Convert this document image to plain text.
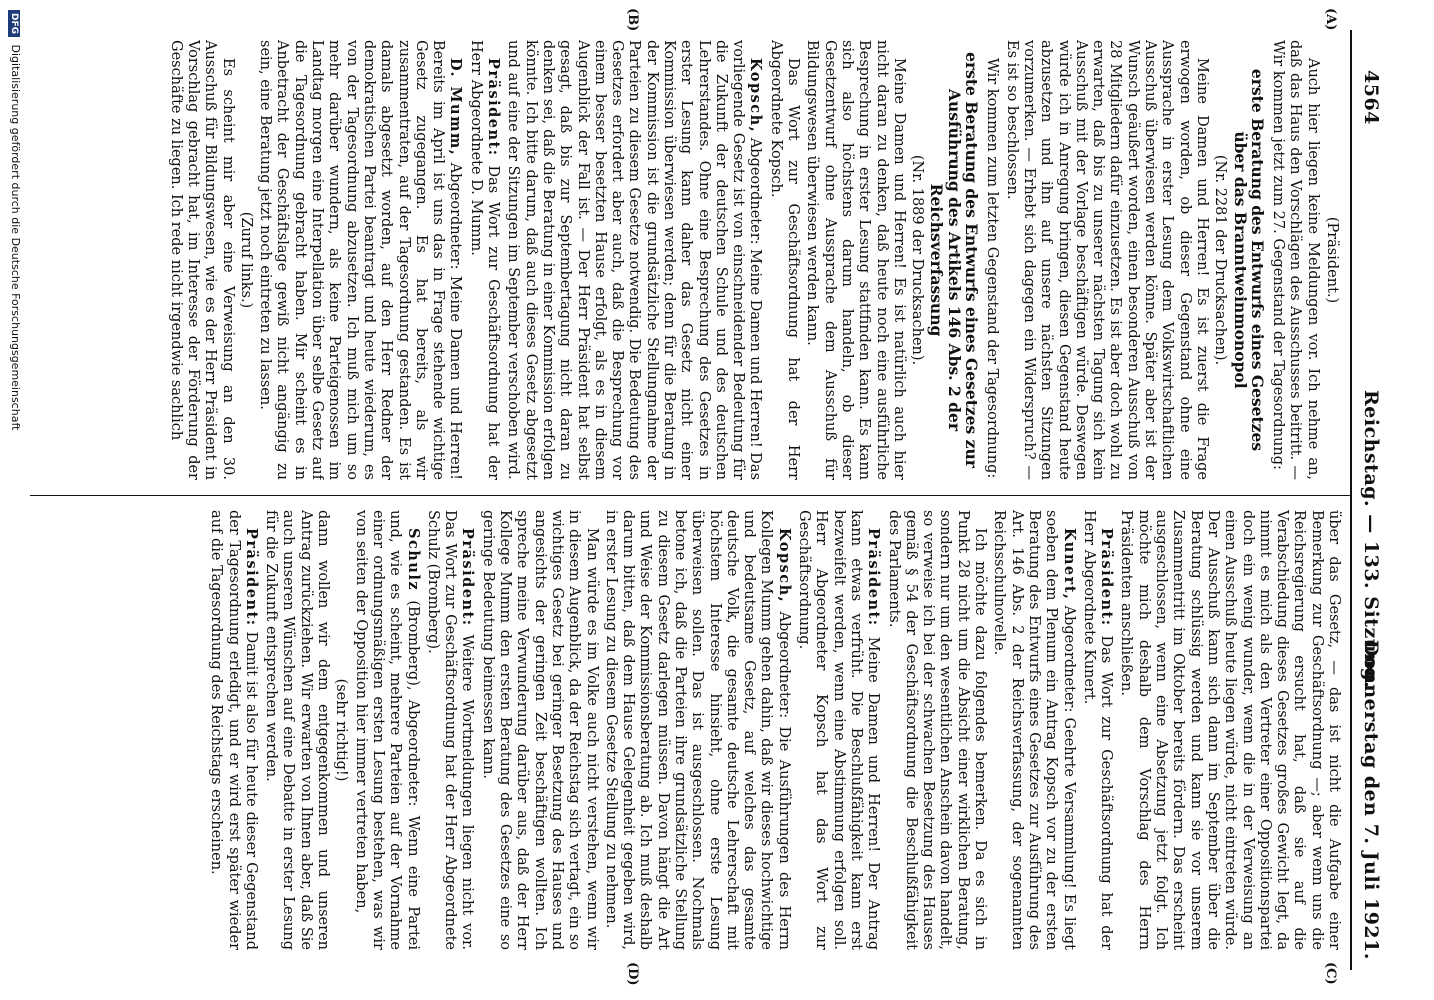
4564
Reichstag. — 133. Sitzung.
Donnerstag den 7. Juli 1921.
(A)
(B)
(C)
(D)

(Präsident.)

Auch hier liegen keine Meldungen vor. Ich nehme an, daß das Haus den Vorschlägen des Ausschusses beitritt. — Wir kommen jetzt zum 27. Gegenstand der Tagesordnung:

erste Beratung des Entwurfs eines Gesetzes über das Branntweinmonopol

(Nr. 2281 der Drucksachen).

Meine Damen und Herren! Es ist zuerst die Frage erwogen worden, ob dieser Gegenstand ohne eine Aussprache in erster Lesung dem Volkswirtschaftlichen Ausschuß überwiesen werden könne. Später aber ist der Wunsch geäußert worden, einen besonderen Ausschuß von 28 Mitgliedern dafür einzusetzen. Es ist aber doch wohl zu erwarten, daß bis zu unserer nächsten Tagung sich kein Ausschuß mit der Vorlage beschäftigen würde. Deswegen würde ich in Anregung bringen, diesen Gegenstand heute abzusetzen und ihn auf unsere nächsten Sitzungen vorzumerken. — Erhebt sich dagegen ein Widerspruch? — Es ist so beschlossen.

Wir kommen zum letzten Gegenstand der Tagesordnung:

erste Beratung des Entwurfs eines Gesetzes zur Ausführung des Artikels 146 Abs. 2 der Reichsverfassung

(Nr. 1889 der Drucksachen).

Meine Damen und Herren! Es ist natürlich auch hier nicht daran zu denken, daß heute noch eine ausführliche Besprechung in erster Lesung stattfinden kann. Es kann sich also höchstens darum handeln, ob dieser Gesetzentwurf ohne Aussprache dem Ausschuß für Bildungswesen überwiesen werden kann.

Das Wort zur Geschäftsordnung hat der Herr Abgeordnete Kopsch.

Kopsch, Abgeordneter: Meine Damen und Herren! Das vorliegende Gesetz ist von einschneidender Bedeutung für die Zukunft der deutschen Schule und des deutschen Lehrerstandes. Ohne eine Besprechung des Gesetzes in erster Lesung kann daher das Gesetz nicht einer Kommission überwiesen werden; denn für die Beratung in der Kommission ist die grundsätzliche Stellungnahme der Parteien zu diesem Gesetze notwendig. Die Bedeutung des Gesetzes erfordert aber auch, daß die Besprechung vor einem besser besetzten Hause erfolgt, als es in diesem Augenblick der Fall ist. — Der Herr Präsident hat selbst gesagt, daß bis zur Septembertagung nicht daran zu denken sei, daß die Beratung in einer Kommission erfolgen könnte. Ich bitte darum, daß auch dieses Gesetz abgesetzt und auf eine der Sitzungen im September verschoben wird.

Präsident: Das Wort zur Geschäftsordnung hat der Herr Abgeordnete D. Mumm.

D. Mumm, Abgeordneter: Meine Damen und Herren! Bereits im April ist uns das in Frage stehende wichtige Gesetz zugegangen. Es hat bereits, als wir zusammentraten, auf der Tagesordnung gestanden. Es ist damals abgesetzt worden, auf den Herr Redner der demokratischen Partei beantragt und heute wiederum, es von der Tagesordnung abzusetzen. Ich muß mich um so mehr darüber wundern, als keine Parteigenossen im Landtag morgen eine Interpellation über selbe Gesetz auf die Tagesordnung gebracht haben. Mir scheint es in Anbetracht der Geschäftslage gewiß nicht angängig zu sein, eine Beratung jetzt noch eintreten zu lassen.

(Zuruf links.)

Es scheint mir aber eine Verweisung an den 30. Ausschuß für Bildungswesen, wie es der Herr Präsident in Vorschlag gebracht hat, im Interesse der Förderung der Geschäfte zu liegen. Ich rede nicht irgendwie sachlich

über das Gesetz, — das ist nicht die Aufgabe einer Bemerkung zur Geschäftsordnung —; aber wenn uns die Reichsregierung ersucht hat, daß sie auf die Verabschiedung dieses Gesetzes großes Gewicht legt, da nimmt es mich als den Vertreter einer Oppositionspartei doch ein wenig wunder, wenn die in der Verweisung an einen Ausschuß heute liegen würde, nicht eintreten würde. Der Ausschuß kann sich dann im September über die Beratung schlüssig werden und kann sie vor unserem Zusammentritt im Oktober bereits fördern. Das erscheint ausgeschlossen, wenn eine Absetzung jetzt folgt. Ich möchte mich deshalb dem Vorschlag des Herrn Präsidenten anschließen.

Präsident: Das Wort zur Geschäftsordnung hat der Herr Abgeordnete Kunert.

Kunert, Abgeordneter: Geehrte Versammlung! Es liegt soeben dem Plenum ein Antrag Kopsch vor zu der ersten Beratung des Entwurfs eines Gesetzes zur Ausführung des Art. 146 Abs. 2 der Reichsverfassung, der sogenannten Reichsschulnovelle.

Ich möchte dazu folgendes bemerken. Da es sich in Punkt 28 nicht um die Absicht einer wirklichen Beratung, sondern nur um den wesentlichen Anschein davon handelt, so verweise ich bei der schwachen Besetzung des Hauses gemäß § 54 der Geschäftsordnung die Beschlußfähigkeit des Parlaments.

Präsident: Meine Damen und Herren! Der Antrag kann etwas verfrüht. Die Beschlußfähigkeit kann erst bezweifelt werden, wenn eine Abstimmung erfolgen soll. Herr Abgeordneter Kopsch hat das Wort zur Geschäftsordnung.

Kopsch, Abgeordneter: Die Ausführungen des Herrn Kollegen Mumm gehen dahin, daß wir dieses hochwichtige und bedeutsame Gesetz, auf welches das gesamte deutsche Volk, die gesamte deutsche Lehrerschaft mit höchstem Interesse hinsieht, ohne erste Lesung überweisen sollen. Das ist ausgeschlossen. Nochmals betone ich, daß die Parteien ihre grundsätzliche Stellung zu diesem Gesetz darlegen müssen. Davon hängt die Art und Weise der Kommissionsberatung ab. Ich muß deshalb darum bitten, daß dem Hause Gelegenheit gegeben wird, in erster Lesung zu diesem Gesetze Stellung zu nehmen.

Man würde es im Volke auch nicht verstehen, wenn wir in diesem Augenblick, da der Reichstag sich vertagt, ein so wichtiges Gesetz bei geringer Besetzung des Hauses und angesichts der geringen Zeit beschäftigen wollten. Ich spreche meine Verwunderung darüber aus, daß der Herr Kollege Mumm den ersten Beratung des Gesetzes eine so geringe Bedeutung beimessen kann.

Präsident: Weitere Wortmeldungen liegen nicht vor. Das Wort zur Geschäftsordnung hat der Herr Abgeordnete Schulz (Bromberg).

Schulz (Bromberg), Abgeordneter: Wenn eine Partei und, wie es scheint, mehrere Parteien auf der Vornahme einer ordnungsmäßigen ersten Lesung bestehen, was wir von seiten der Opposition hier immer vertreten haben,

(sehr richtig!)

dann wollen wir dem entgegenkommen und unseren Antrag zurückziehen. Wir erwarten von Ihnen aber, daß Sie auch unseren Wünschen auf eine Debatte in erster Lesung für die Zukunft entsprechen werden.

Präsident: Damit ist also für heute dieser Gegenstand der Tagesordnung erledigt, und er wird erst später wieder auf die Tagesordnung des Reichstags erscheinen.

DFG Digitalisierung gefördert durch die Deutsche Forschungsgemeinschaft
